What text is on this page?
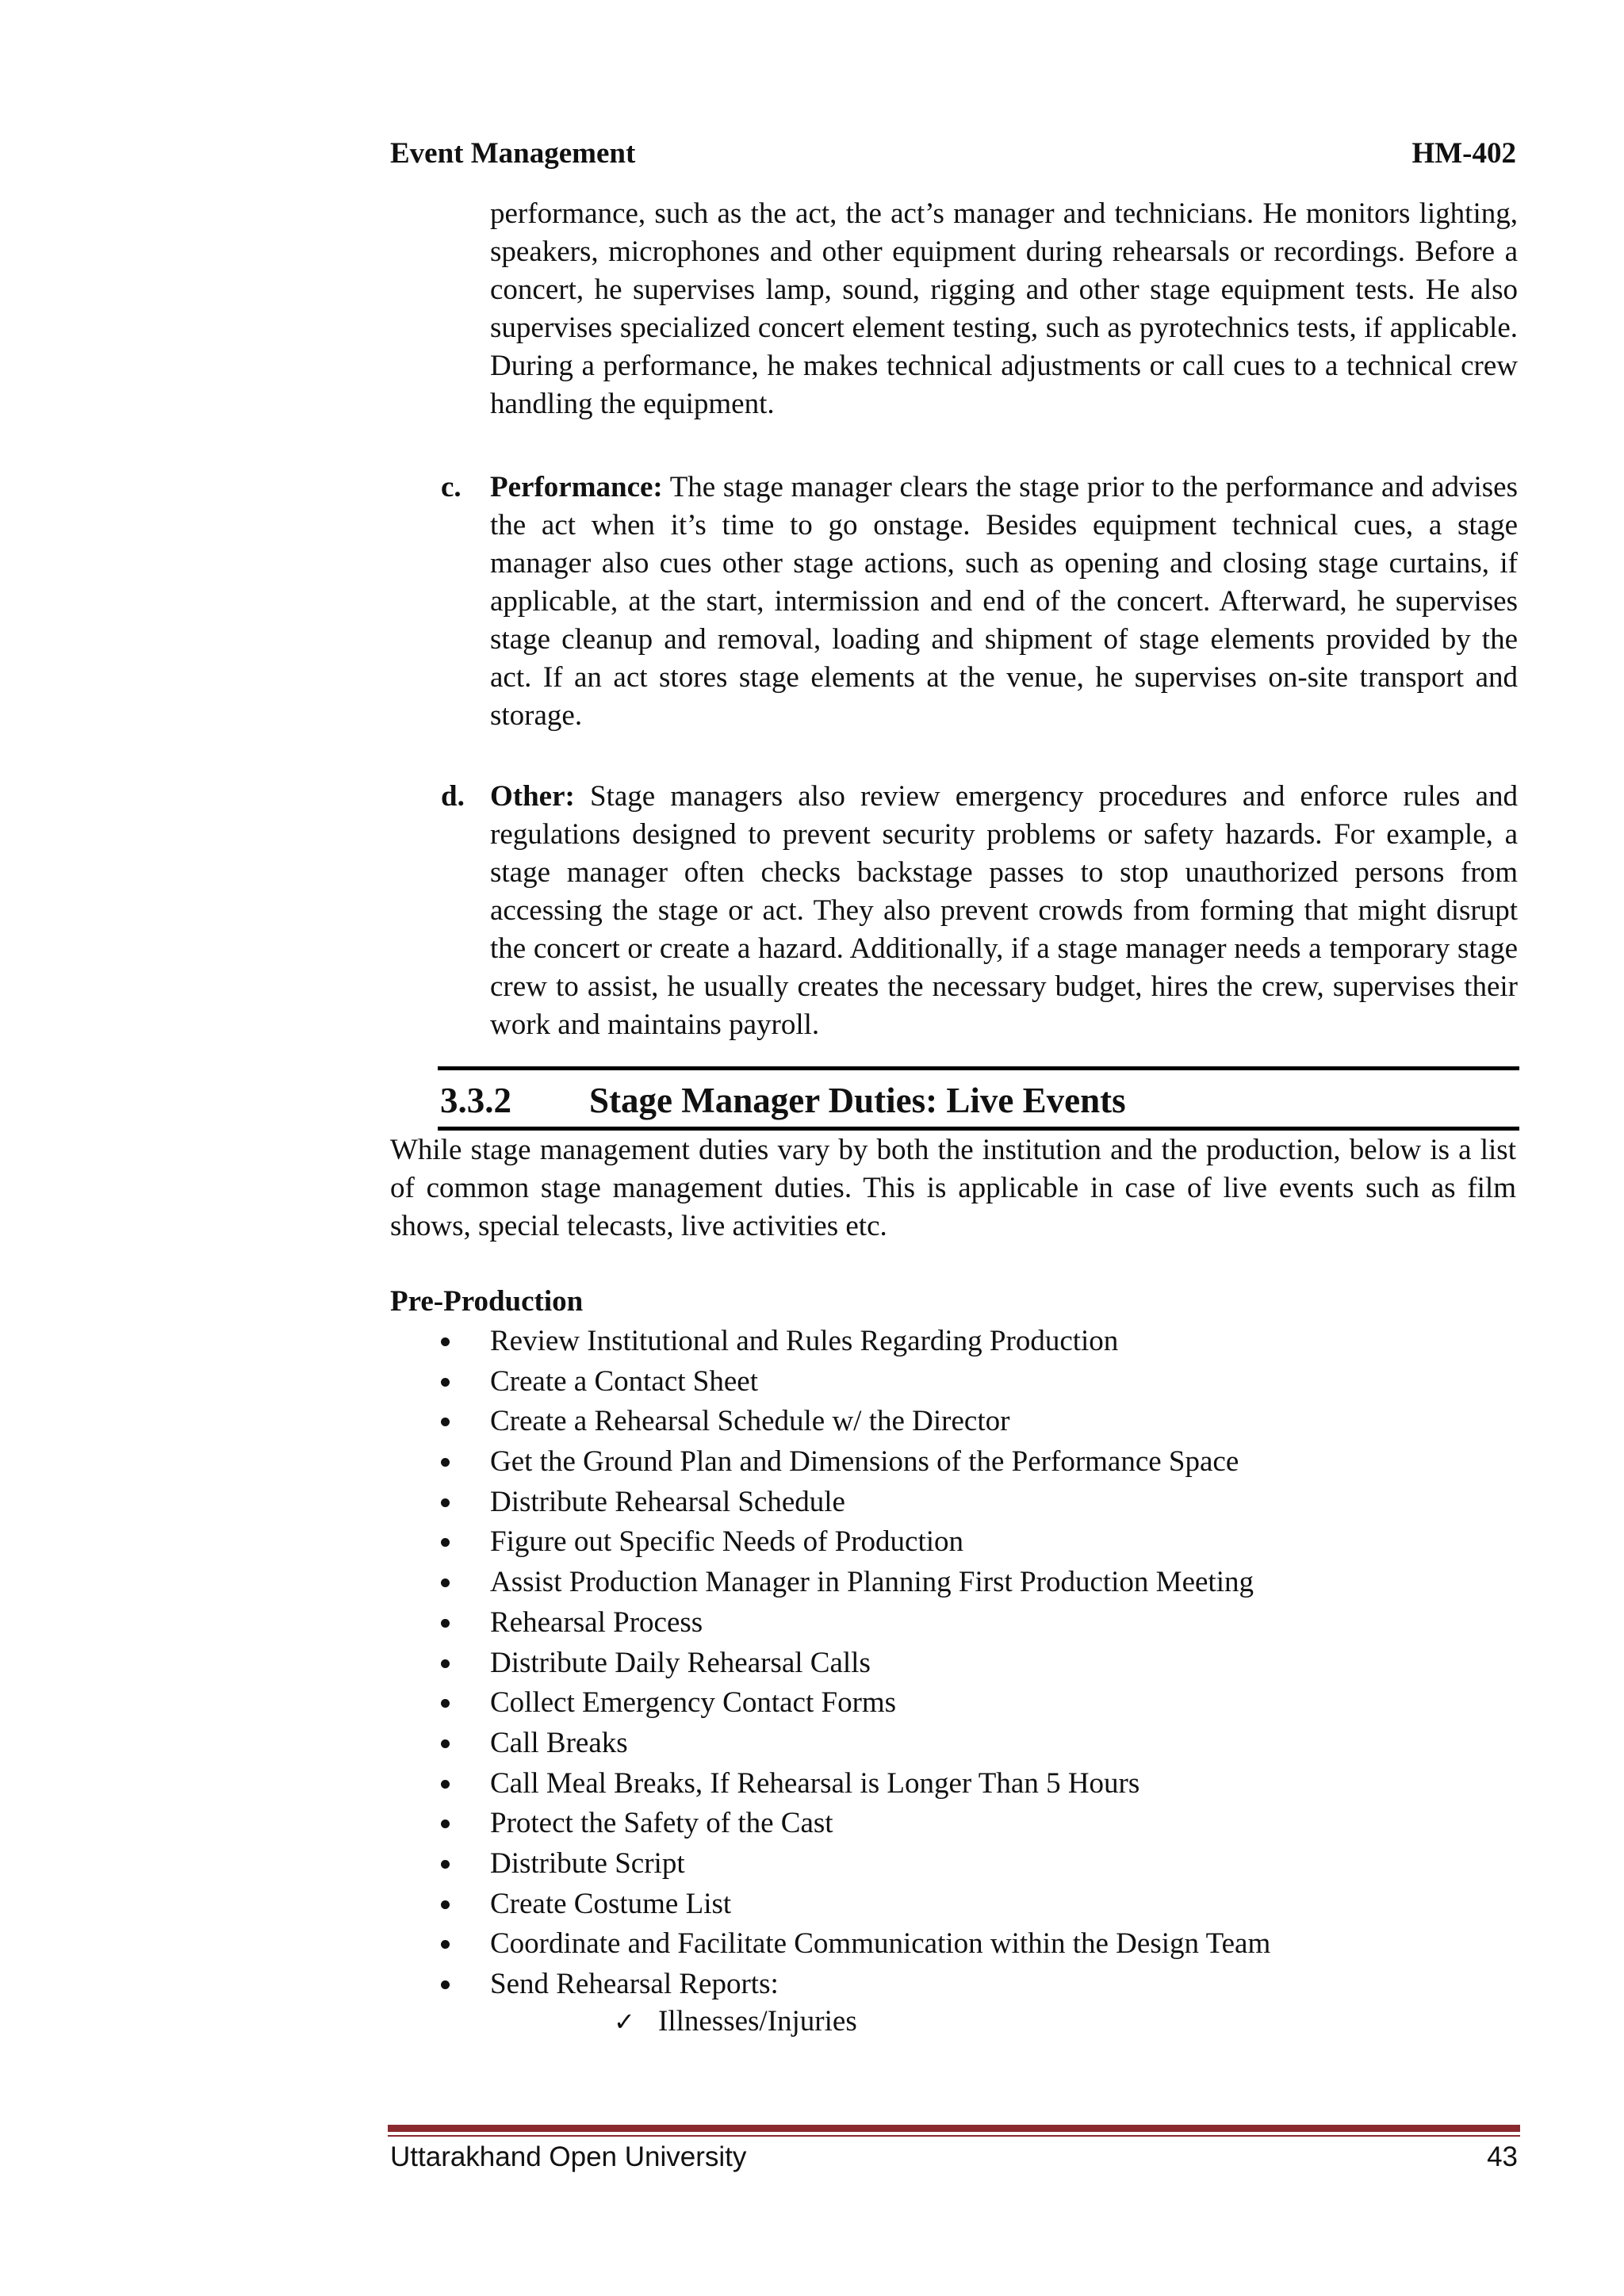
Event Management	HM-402

performance, such as the act, the act’s manager and technicians. He monitors lighting, speakers, microphones and other equipment during rehearsals or recordings. Before a concert, he supervises lamp, sound, rigging and other stage equipment tests. He also supervises specialized concert element testing, such as pyrotechnics tests, if applicable. During a performance, he makes technical adjustments or call cues to a technical crew handling the equipment.

c. Performance: The stage manager clears the stage prior to the performance and advises the act when it’s time to go onstage. Besides equipment technical cues, a stage manager also cues other stage actions, such as opening and closing stage curtains, if applicable, at the start, intermission and end of the concert. Afterward, he supervises stage cleanup and removal, loading and shipment of stage elements provided by the act. If an act stores stage elements at the venue, he supervises on-site transport and storage.

d. Other: Stage managers also review emergency procedures and enforce rules and regulations designed to prevent security problems or safety hazards. For example, a stage manager often checks backstage passes to stop unauthorized persons from accessing the stage or act. They also prevent crowds from forming that might disrupt the concert or create a hazard. Additionally, if a stage manager needs a temporary stage crew to assist, he usually creates the necessary budget, hires the crew, supervises their work and maintains payroll.

3.3.2 Stage Manager Duties: Live Events

While stage management duties vary by both the institution and the production, below is a list of common stage management duties. This is applicable in case of live events such as film shows, special telecasts, live activities etc.

Pre-Production
Review Institutional and Rules Regarding Production
Create a Contact Sheet
Create a Rehearsal Schedule w/ the Director
Get the Ground Plan and Dimensions of the Performance Space
Distribute Rehearsal Schedule
Figure out Specific Needs of Production
Assist Production Manager in Planning First Production Meeting
Rehearsal Process
Distribute Daily Rehearsal Calls
Collect Emergency Contact Forms
Call Breaks
Call Meal Breaks, If Rehearsal is Longer Than 5 Hours
Protect the Safety of the Cast
Distribute Script
Create Costume List
Coordinate and Facilitate Communication within the Design Team
Send Rehearsal Reports:
✓ Illnesses/Injuries
Uttarakhand Open University	43
